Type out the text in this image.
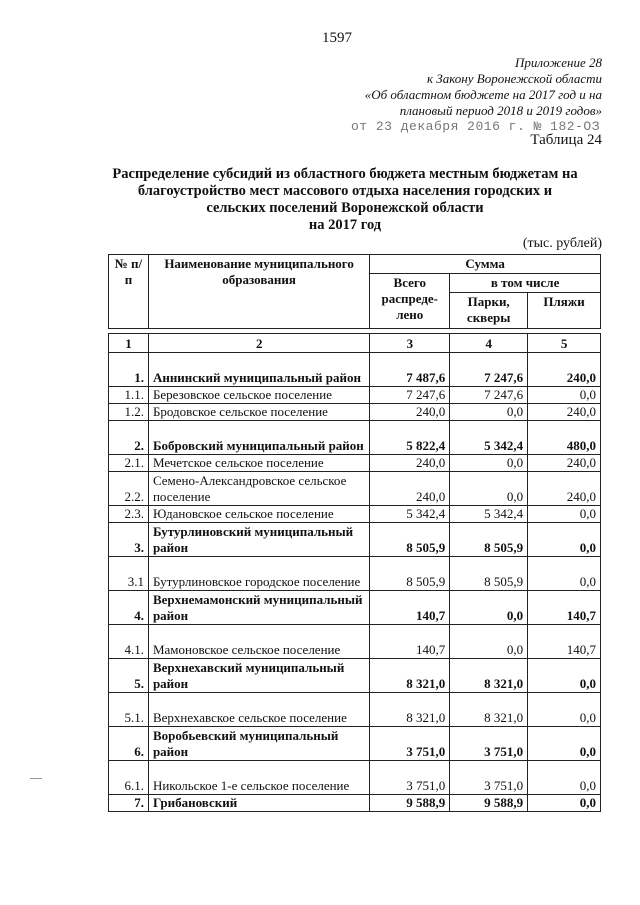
1597
Приложение 28
к Закону Воронежской области
«Об областном бюджете на 2017 год и на
плановый период 2018 и 2019 годов»
от 23 декабря 2016 г. № 182-ОЗ
Таблица 24
Распределение субсидий из областного бюджета местным бюджетам на
благоустройство мест массового отдыха населения городских и
сельских поселений Воронежской области
на 2017 год
(тыс. рублей)
№ п/п	Наименование муниципального образования	Сумма		
		Всего распреде-лено	в том числе	
			Парки, скверы	Пляжи
1	2	3	4	5
1.	Аннинский муниципальный район	7 487,6	7 247,6	240,0
1.1.	Березовское сельское поселение	7 247,6	7 247,6	0,0
1.2.	Бродовское сельское поселение	240,0	0,0	240,0
2.	Бобровский муниципальный район	5 822,4	5 342,4	480,0
2.1.	Мечетское сельское поселение	240,0	0,0	240,0
2.2.	Семено-Александровское сельское поселение	240,0	0,0	240,0
2.3.	Юдановское сельское поселение	5 342,4	5 342,4	0,0
3.	Бутурлиновский муниципальный район	8 505,9	8 505,9	0,0
3.1	Бутурлиновское городское поселение	8 505,9	8 505,9	0,0
4.	Верхнемамонский муниципальный район	140,7	0,0	140,7
4.1.	Мамоновское сельское поселение	140,7	0,0	140,7
5.	Верхнехавский муниципальный район	8 321,0	8 321,0	0,0
5.1.	Верхнехавское сельское поселение	8 321,0	8 321,0	0,0
6.	Воробьевский муниципальный район	3 751,0	3 751,0	0,0
6.1.	Никольское 1-е сельское поселение	3 751,0	3 751,0	0,0
7.	Грибановский	9 588,9	9 588,9	0,0
